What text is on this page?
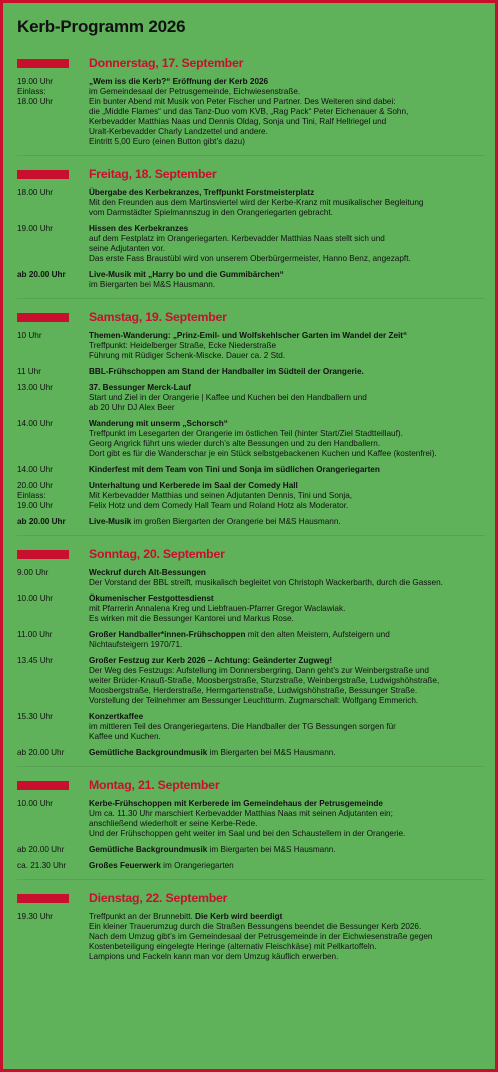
Kerb-Programm 2026
Donnerstag, 17. September
19.00 Uhr
Einlass:
18.00 Uhr
„Wem iss die Kerb?“ Eröffnung der Kerb 2026
im Gemeindesaal der Petrusgemeinde, Eichwiesenstraße.
Ein bunter Abend mit Musik von Peter Fischer und Partner. Des Weiteren sind dabei:
die „Middle Flames“ und das Tanz-Duo vom KVB, „Rag Pack“ Peter Eichenauer & Sohn,
Kerbevadder Matthias Naas und Dennis Oldag, Sonja und Tini, Ralf Hellriegel und
Uralt-Kerbevadder Charly Landzettel und andere.
Eintritt 5,00 Euro (einen Button gibt’s dazu)
Freitag, 18. September
18.00 Uhr	Übergabe des Kerbekranzes, Treffpunkt Forstmeisterplatz
Mit den Freunden aus dem Martinsviertel wird der Kerbe-Kranz mit musikalischer Begleitung
vom Darmstädter Spielmannszug in den Orangeriegarten gebracht.
19.00 Uhr	Hissen des Kerbekranzes
auf dem Festplatz im Orangeriegarten. Kerbevadder Matthias Naas stellt sich und
seine Adjutanten vor.
Das erste Fass Braustübl wird von unserem Oberbürgermeister, Hanno Benz, angezapft.
ab 20.00 Uhr	Live-Musik mit „Harry bo und die Gummibärchen“
im Biergarten bei M&S Hausmann.
Samstag, 19. September
10 Uhr	Themen-Wanderung: „Prinz-Emil- und Wolfskehlscher Garten im Wandel der Zeit“
Treffpunkt: Heidelberger Straße, Ecke Niederstraße
Führung mit Rüdiger Schenk-Miscke. Dauer ca. 2 Std.
11 Uhr	BBL-Frühschoppen am Stand der Handballer im Südteil der Orangerie.
13.00 Uhr	37. Bessunger Merck-Lauf
Start und Ziel in der Orangerie | Kaffee und Kuchen bei den Handballern und
ab 20 Uhr DJ Alex Beer
14.00 Uhr	Wanderung mit unserm „Schorsch“
Treffpunkt im Lesegarten der Orangerie im östlichen Teil (hinter Start/Ziel Stadtteillauf).
Georg Angrick führt uns wieder durch’s alte Bessungen und zu den Handballern.
Dort gibt es für die Wanderschar je ein Stück selbstgebackenen Kuchen und Kaffee (kostenfrei).
14.00 Uhr	Kinderfest mit dem Team von Tini und Sonja im südlichen Orangeriegarten
20.00 Uhr
Einlass:
19.00 Uhr
Unterhaltung und Kerberede im Saal der Comedy Hall
Mit Kerbevadder Matthias und seinen Adjutanten Dennis, Tini und Sonja,
Felix Hotz und dem Comedy Hall Team und Roland Hotz als Moderator.
ab 20.00 Uhr	Live-Musik im großen Biergarten der Orangerie bei M&S Hausmann.
Sonntag, 20. September
9.00 Uhr	Weckruf durch Alt-Bessungen
Der Vorstand der BBL streift, musikalisch begleitet von Christoph Wackerbarth, durch die Gassen.
10.00 Uhr	Ökumenischer Festgottesdienst
mit Pfarrerin Annalena Kreg und Liebfrauen-Pfarrer Gregor Waclawiak.
Es wirken mit die Bessunger Kantorei und Markus Rose.
11.00 Uhr	Großer Handballer*innen-Frühschoppen mit den alten Meistern, Aufsteigern und
Nichtaufsteigern 1970/71.
13.45 Uhr	Großer Festzug zur Kerb 2026 – Achtung: Geänderter Zugweg!
Der Weg des Festzugs: Aufstellung im Donnersbergring, Dann geht’s zur Weinbergstraße und
weiter Brüder-Knauß-Straße, Moosbergstraße, Sturzstraße, Weinbergstraße, Ludwigshöhstraße,
Moosbergstraße, Herderstraße, Herrngartenstraße, Ludwigshöhstraße, Bessunger Straße.
Vorstellung der Teilnehmer am Bessunger Leuchtturm. Zugmarschall: Wolfgang Emmerich.
15.30 Uhr	Konzertkaffee
im mittleren Teil des Orangeriegartens. Die Handballer der TG Bessungen sorgen für
Kaffee und Kuchen.
ab 20.00 Uhr	Gemütliche Backgroundmusik im Biergarten bei M&S Hausmann.
Montag, 21. September
10.00 Uhr	Kerbe-Frühschoppen mit Kerberede im Gemeindehaus der Petrusgemeinde
Um ca. 11.30 Uhr marschiert Kerbevadder Matthias Naas mit seinen Adjutanten ein;
anschließend wiederholt er seine Kerbe-Rede.
Und der Frühschoppen geht weiter im Saal und bei den Schaustellern in der Orangerie.
ab 20.00 Uhr	Gemütliche Backgroundmusik im Biergarten bei M&S Hausmann.
ca. 21.30 Uhr	Großes Feuerwerk im Orangeriegarten
Dienstag, 22. September
19.30 Uhr	Treffpunkt an der Brunnebitt. Die Kerb wird beerdigt
Ein kleiner Trauerumzug durch die Straßen Bessungens beendet die Bessunger Kerb 2026.
Nach dem Umzug gibt’s im Gemeindesaal der Petrusgemeinde in der Eichwiesenstraße gegen
Kostenbeteiligung eingelegte Heringe (alternativ Fleischkäse) mit Pellkartoffeln.
Lampions und Fackeln kann man vor dem Umzug käuflich erwerben.
